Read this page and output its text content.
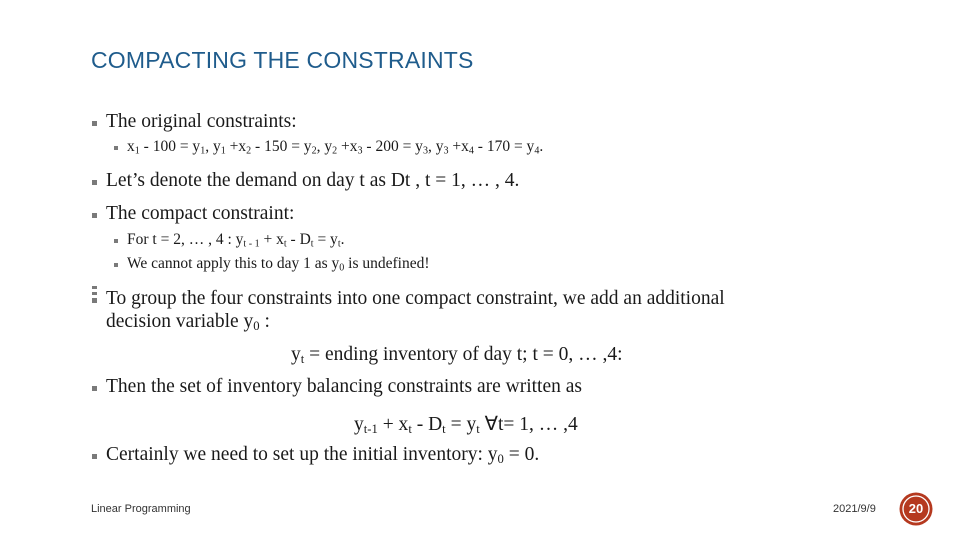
COMPACTING THE CONSTRAINTS
The original constraints:
$x_1 - 100 = y_1$, $y_1 +x_2 - 150 = y_2$, $y_2 +x_3 - 200 = y_3$, $y_3 +x_4 - 170 = y_4$.
Let’s denote the demand on day t as Dt , t = 1, … , 4.
The compact constraint:
For t = 2, … , 4 : $y_{t - 1} + x_t - D_t = y_t$.
We cannot apply this to day 1 as $y_0$ is undefined!
To group the four constraints into one compact constraint, we add an additional
decision variable $y_0$ :
$y_t$ = ending inventory of day t; t = 0, … ,4:
Then the set of inventory balancing constraints are written as
$y_{t-1} + x_t - D_t = y_t$ ∀t= 1, … ,4
Certainly we need to set up the initial inventory: $y_0 = 0$.
Linear Programming	2021/9/9	20
